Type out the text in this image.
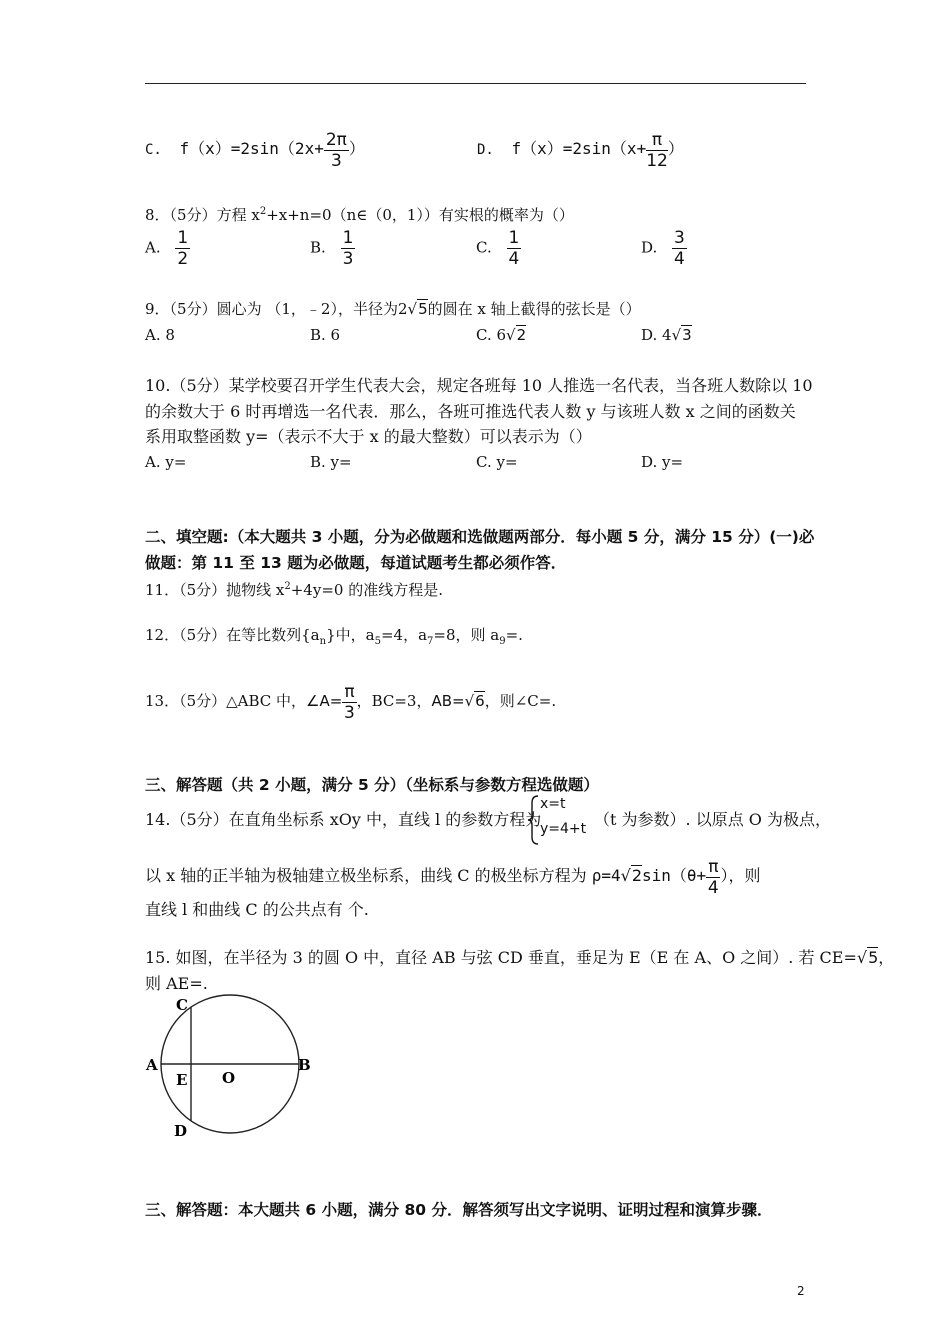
C. $f(x)=2\sin(2x+ \frac{2\pi}{3}$ ）	D. $f(x)=2\sin(x+ \frac{\pi}{12}$ ）
8．（5分）方程 $x^2+x+n=0(n\in(0$，1））有实根的概率为（）
A. $\frac{1}{2}$	B. $\frac{1}{3}$	C. $\frac{1}{4}$	D. $\frac{3}{4}$
9．（5分）圆心为 （1，﹣2），半径为2√5的圆在 x 轴上截得的弦长是（）
A. 8	B. 6	C. 6√2	D. 4√3
10.（5分）某学校要召开学生代表大会，规定各班每 10 人推选一名代表，当各班人数除以 10
的余数大于 6 时再增选一名代表．那么，各班可推选代表人数 y 与该班人数 x 之间的函数关
系用取整函数 y=（表示不大于 x 的最大整数）可以表示为（）
A. y=	B. y=	C. y=	D. y=
二、填空题:（本大题共 3 小题，分为必做题和选做题两部分．每小题 5 分，满分 15 分）(一)必
做题：第 11 至 13 题为必做题，每道试题考生都必须作答．
11．（5分）抛物线 $x^2+4y=0$ 的准线方程是.
12．（5分）在等比数列$\{a_n\}$中，$a_5=4$，$a_7=8$，则 $a_9=$.
13．（5分）△ABC 中，∠A= $\frac{\pi}{3}$ ，BC=3，AB=√6，则∠C=.
三、解答题（共 2 小题，满分 5 分）（坐标系与参数方程选做题）
14.（5分）在直角坐标系 xOy 中，直线 l 的参数方程为
x=t
y=4+t （t 为参数）. 以原点 O 为极点，
以 x 轴的正半轴为极轴建立极坐标系，曲线 C 的极坐标方程为 $\rho=4√2\sin(\theta+ \frac{\pi}{4}$ ），则
直线 l 和曲线 C 的公共点有 个.
15. 如图，在半径为 3 的圆 O 中，直径 AB 与弦 CD 垂直，垂足为 E（E 在 A、O 之间）. 若 CE=√5，
则 AE=.
C
A
E O
B
D
三、解答题：本大题共 6 小题，满分 80 分．解答须写出文字说明、证明过程和演算步骤．
2
